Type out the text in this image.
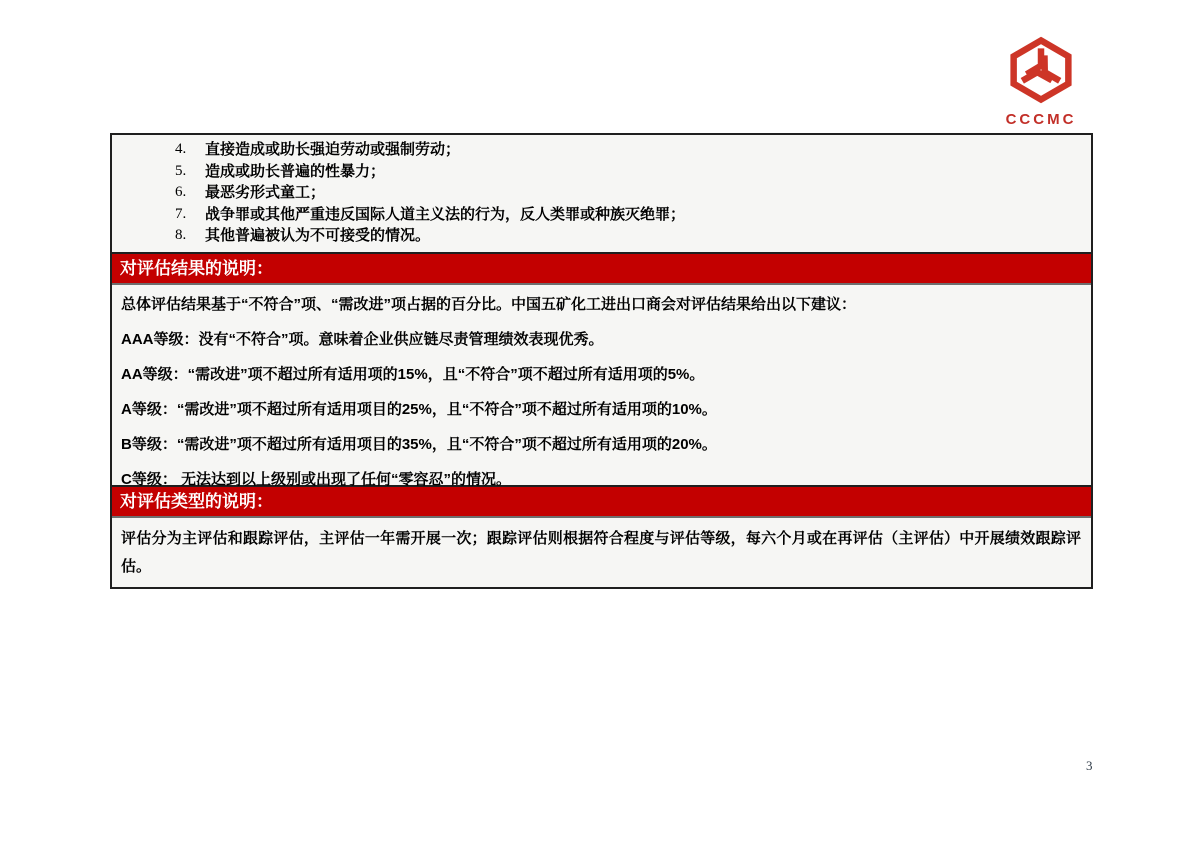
CCCMC
4.	直接造成或助长强迫劳动或强制劳动；
5.	造成或助长普遍的性暴力；
6.	最恶劣形式童工；
7.	战争罪或其他严重违反国际人道主义法的行为，反人类罪或种族灭绝罪；
8.	其他普遍被认为不可接受的情况。
对评估结果的说明：

总体评估结果基于“不符合”项、“需改进”项占据的百分比。中国五矿化工进出口商会对评估结果给出以下建议：

AAA等级：没有“不符合”项。意味着企业供应链尽责管理绩效表现优秀。

AA等级：“需改进”项不超过所有适用项的15%，且“不符合”项不超过所有适用项的5%。

A等级：“需改进”项不超过所有适用项目的25%，且“不符合”项不超过所有适用项的10%。

B等级：“需改进”项不超过所有适用项目的35%，且“不符合”项不超过所有适用项的20%。

C等级： 无法达到以上级别或出现了任何“零容忍”的情况。

对评估类型的说明：

评估分为主评估和跟踪评估，主评估一年需开展一次；跟踪评估则根据符合程度与评估等级，每六个月或在再评估（主评估）中开展绩效跟踪评估。

3
